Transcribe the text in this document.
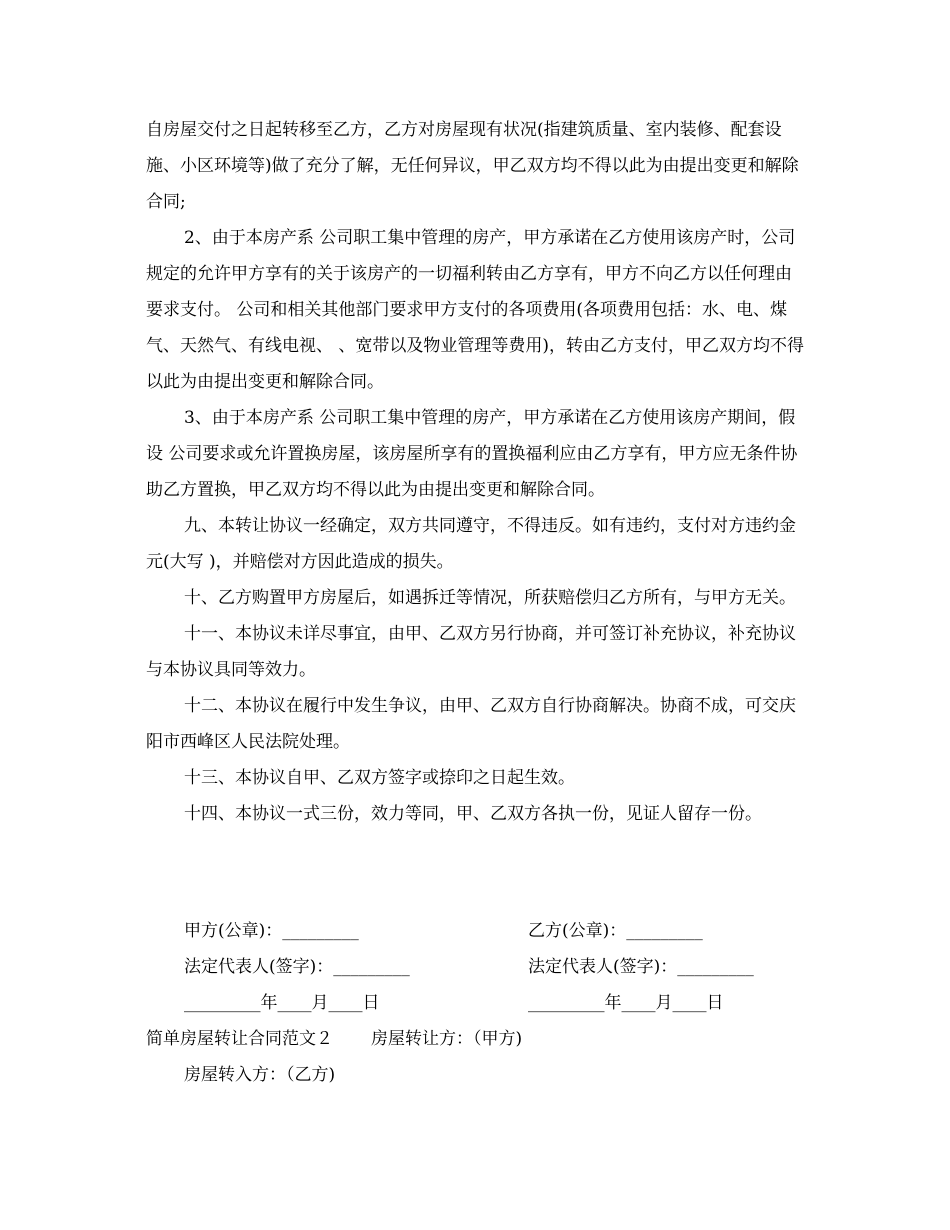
自房屋交付之日起转移至乙方，乙方对房屋现有状况(指建筑质量、室内装修、配套设施、小区环境等)做了充分了解，无任何异议，甲乙双方均不得以此为由提出变更和解除合同;

2、由于本房产系 公司职工集中管理的房产，甲方承诺在乙方使用该房产时，公司规定的允许甲方享有的关于该房产的一切福利转由乙方享有，甲方不向乙方以任何理由要求支付。 公司和相关其他部门要求甲方支付的各项费用(各项费用包括：水、电、煤气、天然气、有线电视、 、宽带以及物业管理等费用)，转由乙方支付，甲乙双方均不得以此为由提出变更和解除合同。

3、由于本房产系 公司职工集中管理的房产，甲方承诺在乙方使用该房产期间，假设 公司要求或允许置换房屋，该房屋所享有的置换福利应由乙方享有，甲方应无条件协助乙方置换，甲乙双方均不得以此为由提出变更和解除合同。

九、本转让协议一经确定，双方共同遵守，不得违反。如有违约，支付对方违约金 元(大写 )，并赔偿对方因此造成的损失。

十、乙方购置甲方房屋后，如遇拆迁等情况，所获赔偿归乙方所有，与甲方无关。

十一、本协议未详尽事宜，由甲、乙双方另行协商，并可签订补充协议，补充协议与本协议具同等效力。

十二、本协议在履行中发生争议，由甲、乙双方自行协商解决。协商不成，可交庆阳市西峰区人民法院处理。

十三、本协议自甲、乙双方签字或捺印之日起生效。

十四、本协议一式三份，效力等同，甲、乙双方各执一份，见证人留存一份。

甲方(公章)：_________	乙方(公章)：_________
法定代表人(签字)：_________	法定代表人(签字)：_________
_________年____月____日	_________年____月____日
简单房屋转让合同范文２ 房屋转让方：（甲方)
房屋转入方：（乙方)
